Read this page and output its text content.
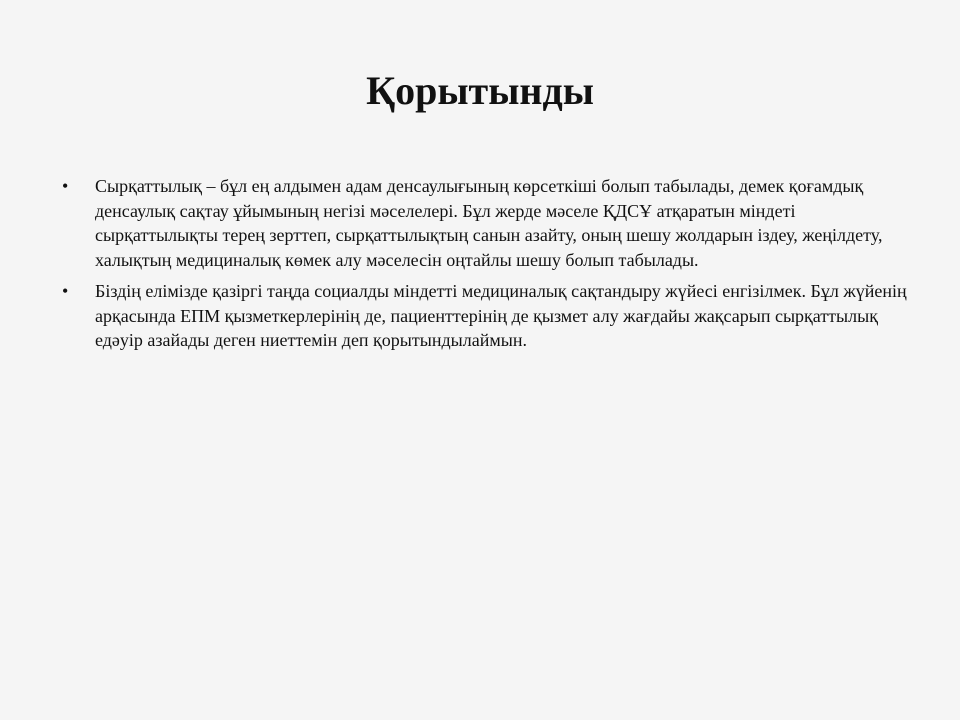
Қорытынды
•	Сырқаттылық – бұл ең алдымен адам денсаулығының көрсеткіші болып табылады, демек қоғамдық денсаулық сақтау ұйымының негізі мәселелері. Бұл жерде мәселе ҚДСҰ атқаратын міндеті сырқаттылықты терең зерттеп, сырқаттылықтың санын азайту, оның шешу жолдарын іздеу, жеңілдету, халықтың медициналық көмек алу мәселесін оңтайлы шешу болып табылады.
•	Біздің елімізде қазіргі таңда социалды міндетті медициналық сақтандыру жүйесі енгізілмек. Бұл жүйенің арқасында ЕПМ қызметкерлерінің де, пациенттерінің де қызмет алу жағдайы жақсарып сырқаттылық едәуір азайады деген ниеттемін деп қорытындылаймын.
